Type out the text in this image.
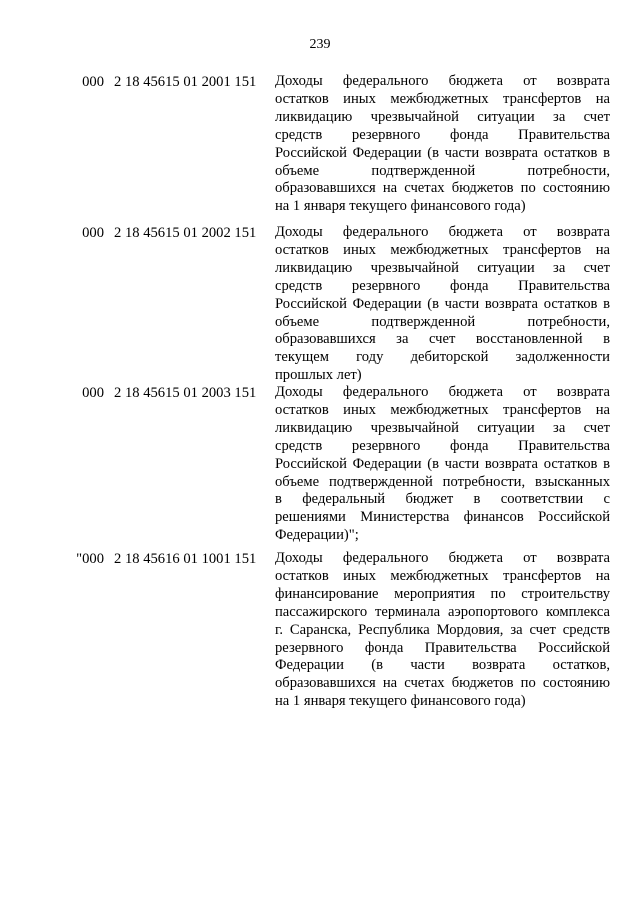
239
000 2 18 45615 01 2001 151	Доходы федерального бюджета от возврата
остатков иных межбюджетных трансфертов на
ликвидацию чрезвычайной ситуации за счет
средств резервного фонда Правительства
Российской Федерации (в части возврата остатков в
объеме подтвержденной потребности,
образовавшихся на счетах бюджетов по состоянию
на 1 января текущего финансового года)
000 2 18 45615 01 2002 151	Доходы федерального бюджета от возврата
остатков иных межбюджетных трансфертов на
ликвидацию чрезвычайной ситуации за счет
средств резервного фонда Правительства
Российской Федерации (в части возврата остатков в
объеме подтвержденной потребности,
образовавшихся за счет восстановленной в
текущем году дебиторской задолженности
прошлых лет)
000 2 18 45615 01 2003 151	Доходы федерального бюджета от возврата
остатков иных межбюджетных трансфертов на
ликвидацию чрезвычайной ситуации за счет
средств резервного фонда Правительства
Российской Федерации (в части возврата остатков в
объеме подтвержденной потребности, взысканных
в федеральный бюджет в соответствии с
решениями Министерства финансов Российской
Федерации)";
"000 2 18 45616 01 1001 151	Доходы федерального бюджета от возврата
остатков иных межбюджетных трансфертов на
финансирование мероприятия по строительству
пассажирского терминала аэропортового комплекса
г. Саранска, Республика Мордовия, за счет средств
резервного фонда Правительства Российской
Федерации (в части возврата остатков,
образовавшихся на счетах бюджетов по состоянию
на 1 января текущего финансового года)
